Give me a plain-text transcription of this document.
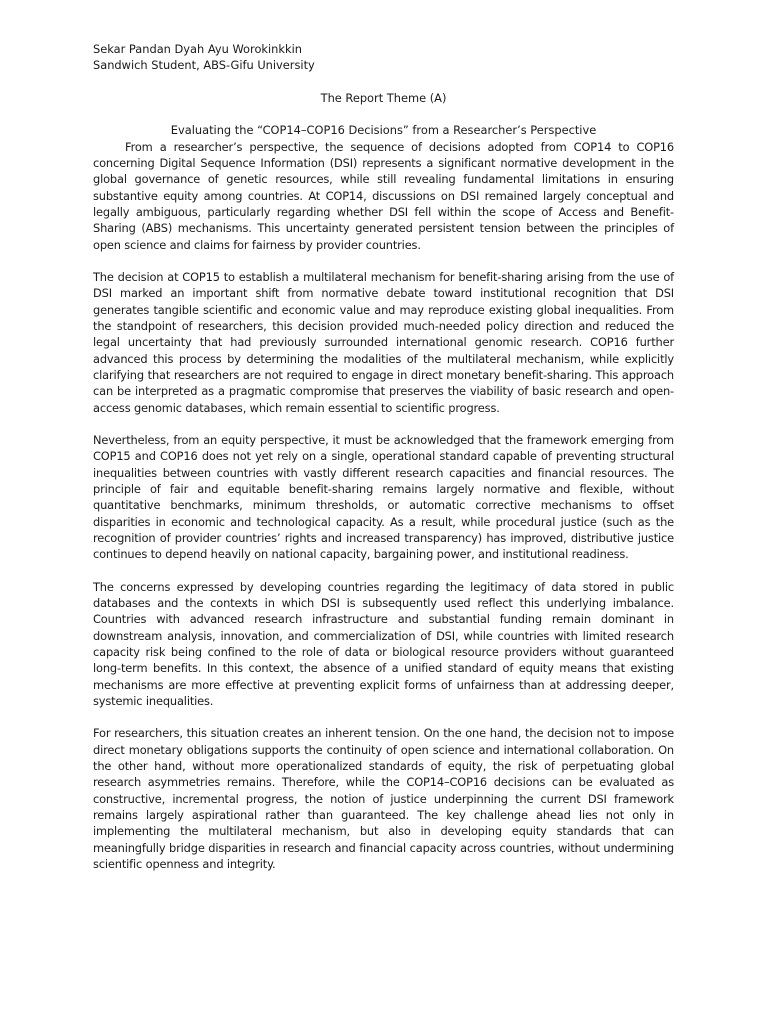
Sekar Pandan Dyah Ayu Worokinkkin

Sandwich Student, ABS-Gifu University

The Report Theme (A)

Evaluating the “COP14–COP16 Decisions” from a Researcher’s Perspective

From a researcher’s perspective, the sequence of decisions adopted from COP14 to COP16 concerning Digital Sequence Information (DSI) represents a significant normative development in the global governance of genetic resources, while still revealing fundamental limitations in ensuring substantive equity among countries. At COP14, discussions on DSI remained largely conceptual and legally ambiguous, particularly regarding whether DSI fell within the scope of Access and Benefit-Sharing (ABS) mechanisms. This uncertainty generated persistent tension between the principles of open science and claims for fairness by provider countries.

The decision at COP15 to establish a multilateral mechanism for benefit-sharing arising from the use of DSI marked an important shift from normative debate toward institutional recognition that DSI generates tangible scientific and economic value and may reproduce existing global inequalities. From the standpoint of researchers, this decision provided much-needed policy direction and reduced the legal uncertainty that had previously surrounded international genomic research. COP16 further advanced this process by determining the modalities of the multilateral mechanism, while explicitly clarifying that researchers are not required to engage in direct monetary benefit-sharing. This approach can be interpreted as a pragmatic compromise that preserves the viability of basic research and open-access genomic databases, which remain essential to scientific progress.

Nevertheless, from an equity perspective, it must be acknowledged that the framework emerging from COP15 and COP16 does not yet rely on a single, operational standard capable of preventing structural inequalities between countries with vastly different research capacities and financial resources. The principle of fair and equitable benefit-sharing remains largely normative and flexible, without quantitative benchmarks, minimum thresholds, or automatic corrective mechanisms to offset disparities in economic and technological capacity. As a result, while procedural justice (such as the recognition of provider countries’ rights and increased transparency) has improved, distributive justice continues to depend heavily on national capacity, bargaining power, and institutional readiness.

The concerns expressed by developing countries regarding the legitimacy of data stored in public databases and the contexts in which DSI is subsequently used reflect this underlying imbalance. Countries with advanced research infrastructure and substantial funding remain dominant in downstream analysis, innovation, and commercialization of DSI, while countries with limited research capacity risk being confined to the role of data or biological resource providers without guaranteed long-term benefits. In this context, the absence of a unified standard of equity means that existing mechanisms are more effective at preventing explicit forms of unfairness than at addressing deeper, systemic inequalities.

For researchers, this situation creates an inherent tension. On the one hand, the decision not to impose direct monetary obligations supports the continuity of open science and international collaboration. On the other hand, without more operationalized standards of equity, the risk of perpetuating global research asymmetries remains. Therefore, while the COP14–COP16 decisions can be evaluated as constructive, incremental progress, the notion of justice underpinning the current DSI framework remains largely aspirational rather than guaranteed. The key challenge ahead lies not only in implementing the multilateral mechanism, but also in developing equity standards that can meaningfully bridge disparities in research and financial capacity across countries, without undermining scientific openness and integrity.
